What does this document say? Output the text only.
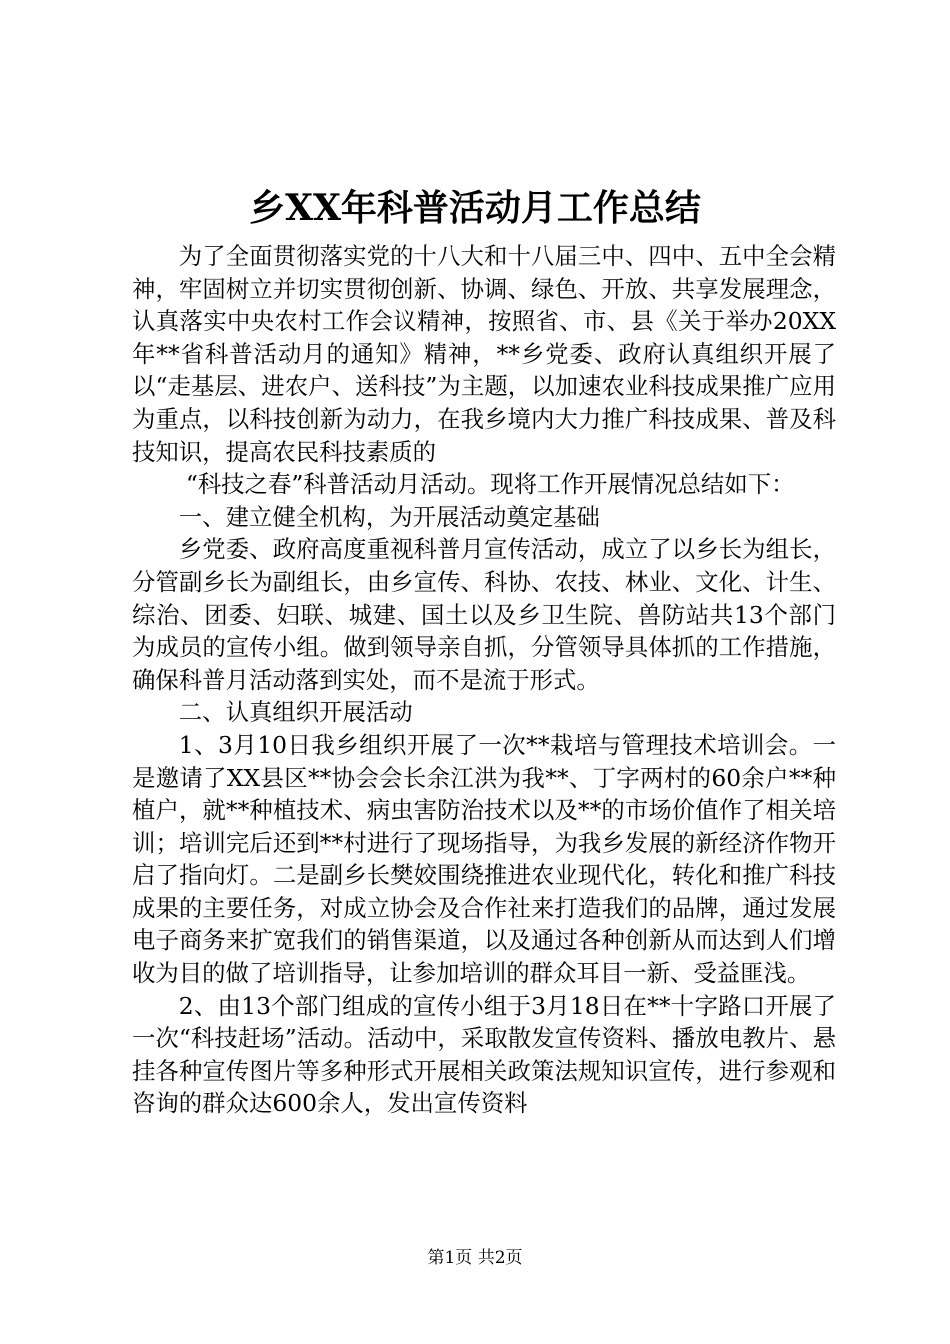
乡XX年科普活动月工作总结

为了全面贯彻落实党的十八大和十八届三中、四中、五中全会精神，牢固树立并切实贯彻创新、协调、绿色、开放、共享发展理念，认真落实中央农村工作会议精神，按照省、市、县《关于举办20XX年**省科普活动月的通知》精神，**乡党委、政府认真组织开展了以“走基层、进农户、送科技”为主题，以加速农业科技成果推广应用为重点，以科技创新为动力，在我乡境内大力推广科技成果、普及科技知识，提高农民科技素质的

“科技之春”科普活动月活动。现将工作开展情况总结如下：

一、建立健全机构，为开展活动奠定基础

乡党委、政府高度重视科普月宣传活动，成立了以乡长为组长，分管副乡长为副组长，由乡宣传、科协、农技、林业、文化、计生、综治、团委、妇联、城建、国土以及乡卫生院、兽防站共13个部门为成员的宣传小组。做到领导亲自抓，分管领导具体抓的工作措施，确保科普月活动落到实处，而不是流于形式。

二、认真组织开展活动

1、3月10日我乡组织开展了一次**栽培与管理技术培训会。一是邀请了XX县区**协会会长余江洪为我**、丁字两村的60余户**种植户，就**种植技术、病虫害防治技术以及**的市场价值作了相关培训；培训完后还到**村进行了现场指导，为我乡发展的新经济作物开启了指向灯。二是副乡长樊姣围绕推进农业现代化，转化和推广科技成果的主要任务，对成立协会及合作社来打造我们的品牌，通过发展电子商务来扩宽我们的销售渠道，以及通过各种创新从而达到人们增收为目的做了培训指导，让参加培训的群众耳目一新、受益匪浅。

2、由13个部门组成的宣传小组于3月18日在**十字路口开展了一次“科技赶场”活动。活动中，采取散发宣传资料、播放电教片、悬挂各种宣传图片等多种形式开展相关政策法规知识宣传，进行参观和咨询的群众达600余人，发出宣传资料

第1页 共2页
